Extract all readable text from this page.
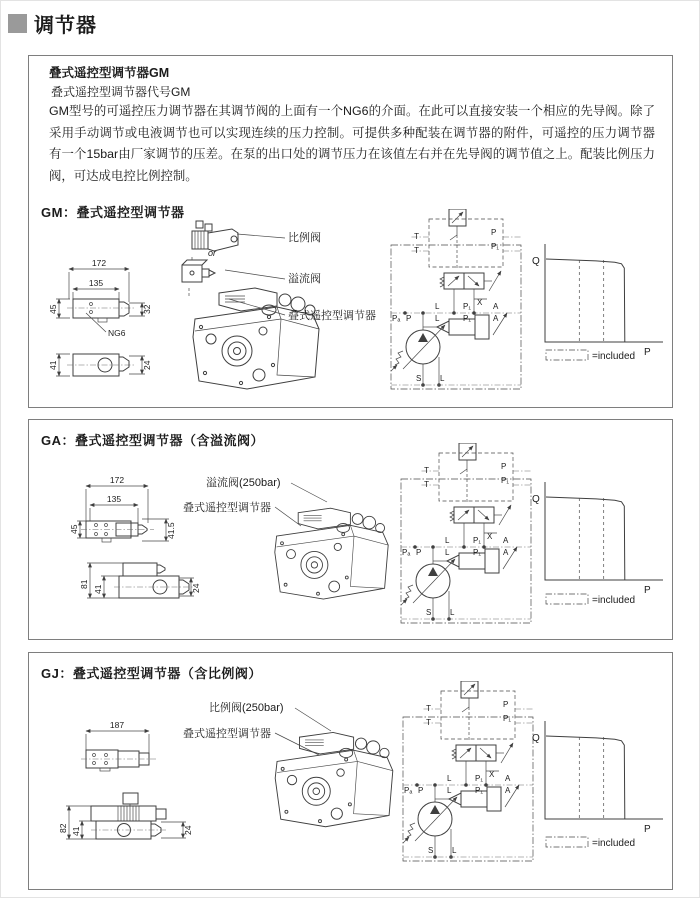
调节器
叠式遥控型调节器GM
叠式遥控型调节器代号GM
GM型号的可遥控压力调节器在其调节阀的上面有一个NG6的介面。在此可以直接安装一个相应的先导阀。除了采用手动调节或电液调节也可以实现连续的压力控制。可提供多种配装在调节器的附件，可遥控的压力调节器有一个15bar由厂家调节的压差。在泵的出口处的调节压力在该值左右并在先导阀的调节值之上。配装比例压力阀，可达成电控比例控制。
GM：叠式遥控型调节器
172
135
45	32
NG6
41	24
or
比例阀
溢流阀
叠式遥控型调节器
GA：叠式遥控型调节器（含溢流阀）
172
135
45	41.5
81
41	24
溢流阀(250bar)
叠式遥控型调节器
GJ：叠式遥控型调节器（含比例阀）
187
82 41	24
比例阀(250bar)
叠式遥控型调节器
